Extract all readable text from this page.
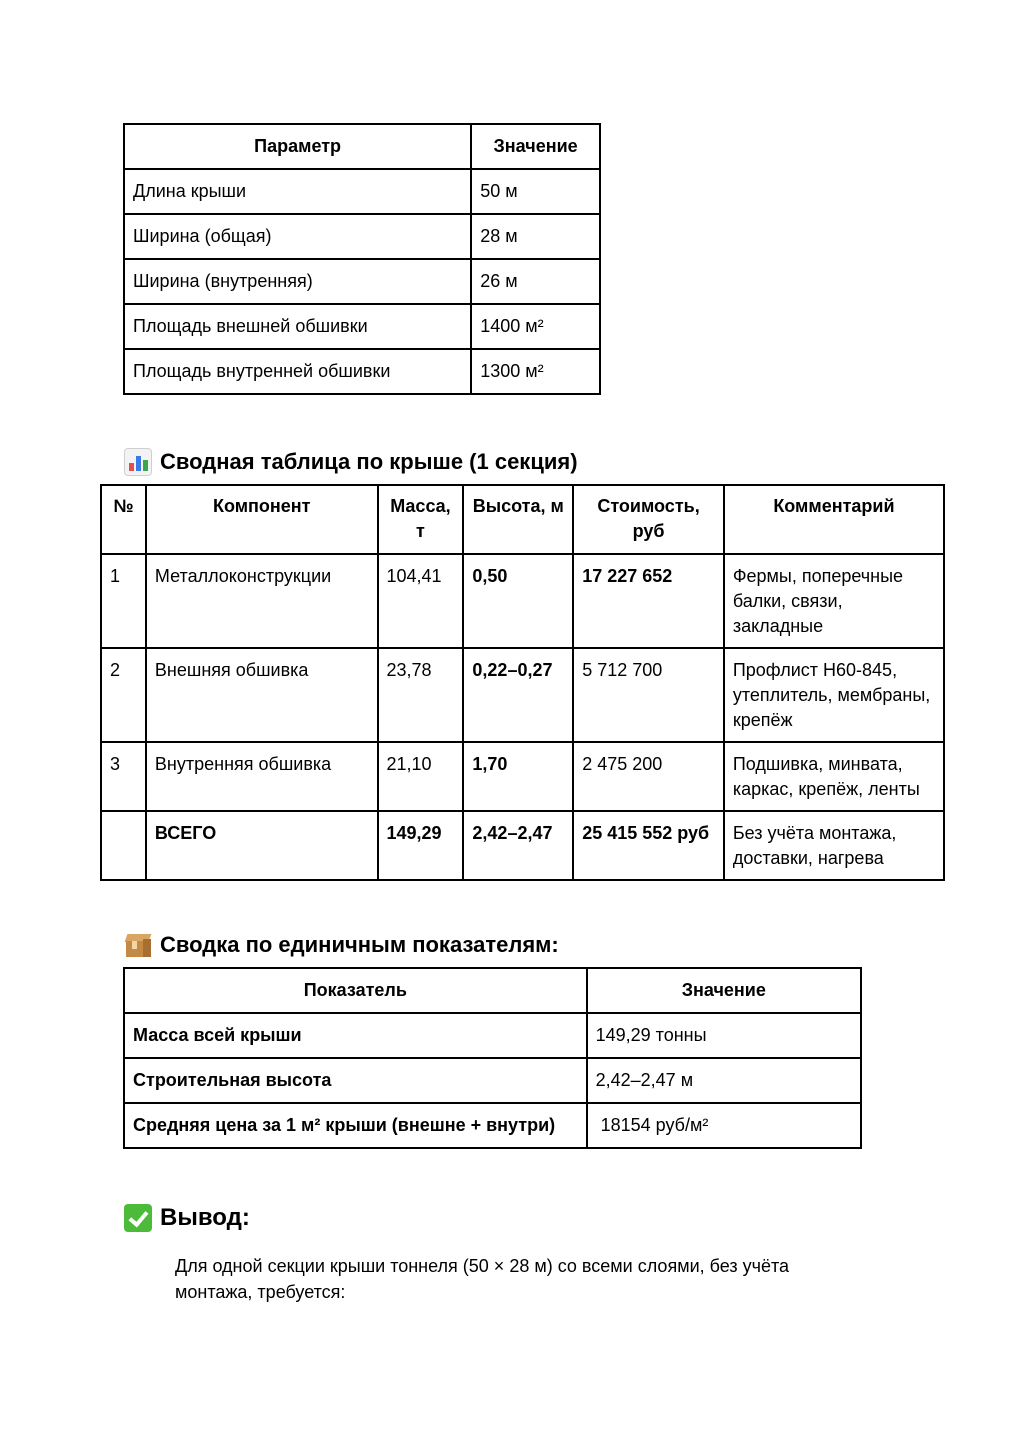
Параметр	Значение
Длина крыши	50 м
Ширина (общая)	28 м
Ширина (внутренняя)	26 м
Площадь внешней обшивки	1400 м²
Площадь внутренней обшивки	1300 м²
Сводная таблица по крыше (1 секция)
№	Компонент	Масса, т	Высота, м	Стоимость, руб	Комментарий
1	Металлоконструкции	104,41	0,50	17 227 652	Фермы, поперечные балки, связи, закладные
2	Внешняя обшивка	23,78	0,22–0,27	5 712 700	Профлист Н60-845, утеплитель, мембраны, крепёж
3	Внутренняя обшивка	21,10	1,70	2 475 200	Подшивка, минвата, каркас, крепёж, ленты
	ВСЕГО	149,29	2,42–2,47	25 415 552 руб	Без учёта монтажа, доставки, нагрева
Сводка по единичным показателям:
Показатель	Значение
Масса всей крыши	149,29 тонны
Строительная высота	2,42–2,47 м
Средняя цена за 1 м² крыши (внешне + внутри)	18154 руб/м²
Вывод:

Для одной секции крыши тоннеля (50 × 28 м) со всеми слоями, без учёта монтажа, требуется:
